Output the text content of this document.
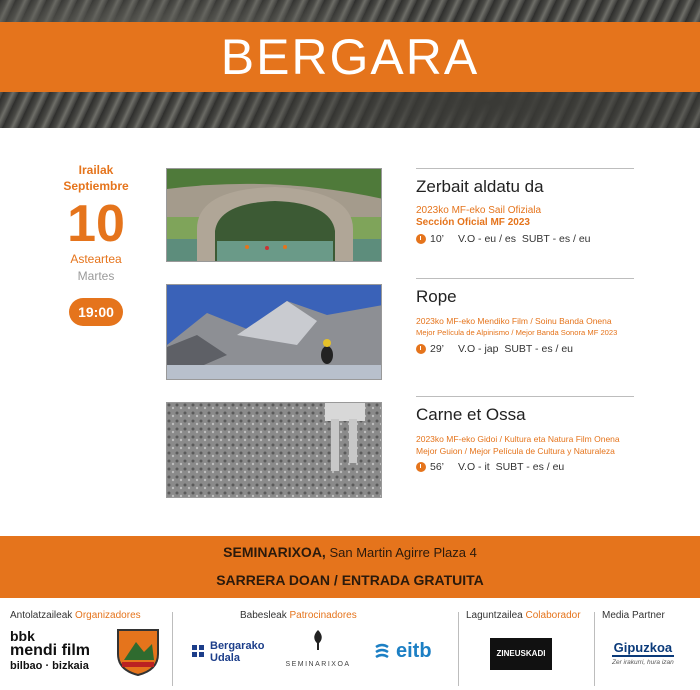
BERGARA
Irailak
Septiembre
10
Asteartea
Martes
19:00
Zerbait aldatu da
2023ko MF-eko Sail Ofiziala
Sección Oficial MF 2023
10’ V.O - eu / es
SUBT - es / eu
Rope
2023ko MF-eko Mendiko Film / Soinu Banda Onena
Mejor Película de Alpinismo / Mejor Banda Sonora MF 2023
29’ V.O - jap
SUBT - es / eu
Carne et Ossa
2023ko MF-eko Gidoi / Kultura eta Natura Film Onena
Mejor Guion / Mejor Película de Cultura y Naturaleza
56’ V.O - it
SUBT - es / eu
SEMINARIXOA, San Martin Agirre Plaza 4
SARRERA DOAN / ENTRADA GRATUITA
Antolatzaileak Organizadores	Babesleak Patrocinadores	Laguntzailea Colaborador Media Partner
bbk
mendi film
bilbao · bizkaia
Bergarako
Udala
SEMINARIXOA
eitb	ZINEUSKADI	Gipuzkoa
Zer irakurri, hura izan
